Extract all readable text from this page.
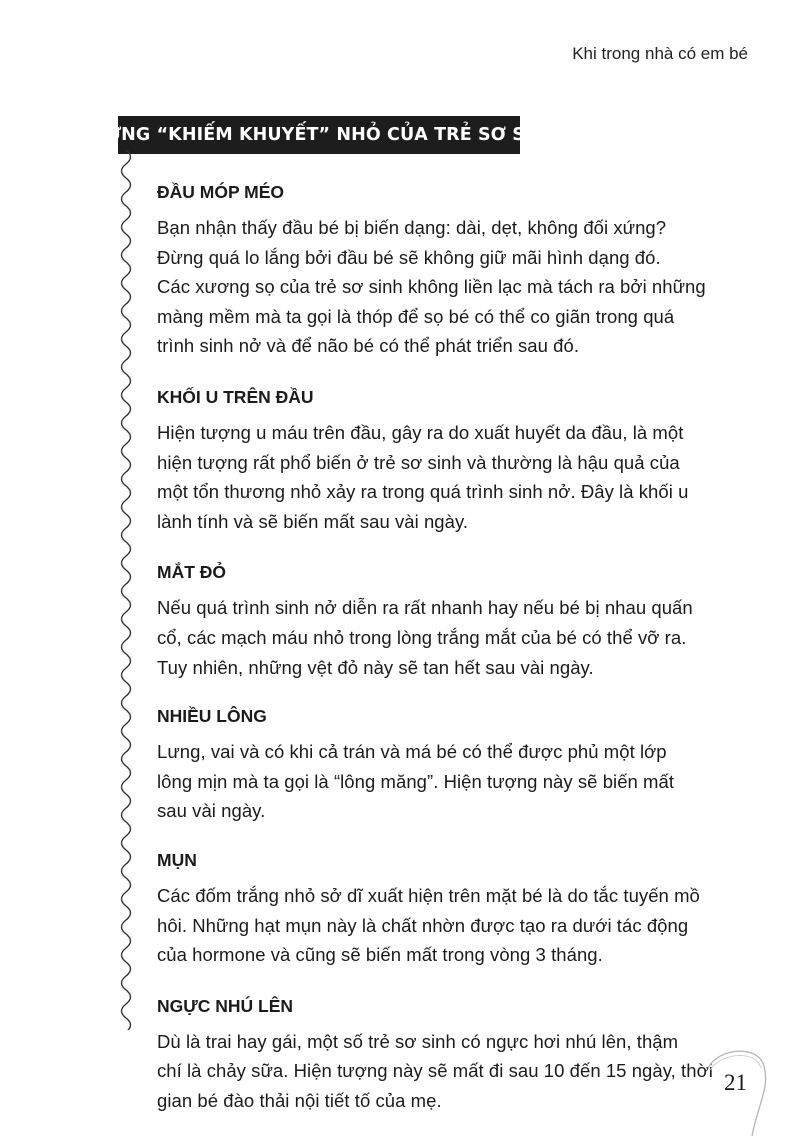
Khi trong nhà có em bé
NHỮNG “KHIẾM KHUYẾT” NHỎ CỦA TRẺ SƠ SINH
ĐẦU MÓP MÉO

Bạn nhận thấy đầu bé bị biến dạng: dài, dẹt, không đối xứng?
Đừng quá lo lắng bởi đầu bé sẽ không giữ mãi hình dạng đó.
Các xương sọ của trẻ sơ sinh không liền lạc mà tách ra bởi những
màng mềm mà ta gọi là thóp để sọ bé có thể co giãn trong quá
trình sinh nở và để não bé có thể phát triển sau đó.

KHỐI U TRÊN ĐẦU

Hiện tượng u máu trên đầu, gây ra do xuất huyết da đầu, là một
hiện tượng rất phổ biến ở trẻ sơ sinh và thường là hậu quả của
một tổn thương nhỏ xảy ra trong quá trình sinh nở. Đây là khối u
lành tính và sẽ biến mất sau vài ngày.

MẮT ĐỎ

Nếu quá trình sinh nở diễn ra rất nhanh hay nếu bé bị nhau quấn
cổ, các mạch máu nhỏ trong lòng trắng mắt của bé có thể vỡ ra.
Tuy nhiên, những vệt đỏ này sẽ tan hết sau vài ngày.

NHIỀU LÔNG

Lưng, vai và có khi cả trán và má bé có thể được phủ một lớp
lông mịn mà ta gọi là “lông măng”. Hiện tượng này sẽ biến mất
sau vài ngày.

MỤN

Các đốm trắng nhỏ sở dĩ xuất hiện trên mặt bé là do tắc tuyến mồ
hôi. Những hạt mụn này là chất nhờn được tạo ra dưới tác động
của hormone và cũng sẽ biến mất trong vòng 3 tháng.

NGỰC NHÚ LÊN

Dù là trai hay gái, một số trẻ sơ sinh có ngực hơi nhú lên, thậm
chí là chảy sữa. Hiện tượng này sẽ mất đi sau 10 đến 15 ngày, thời
gian bé đào thải nội tiết tố của mẹ.

21
